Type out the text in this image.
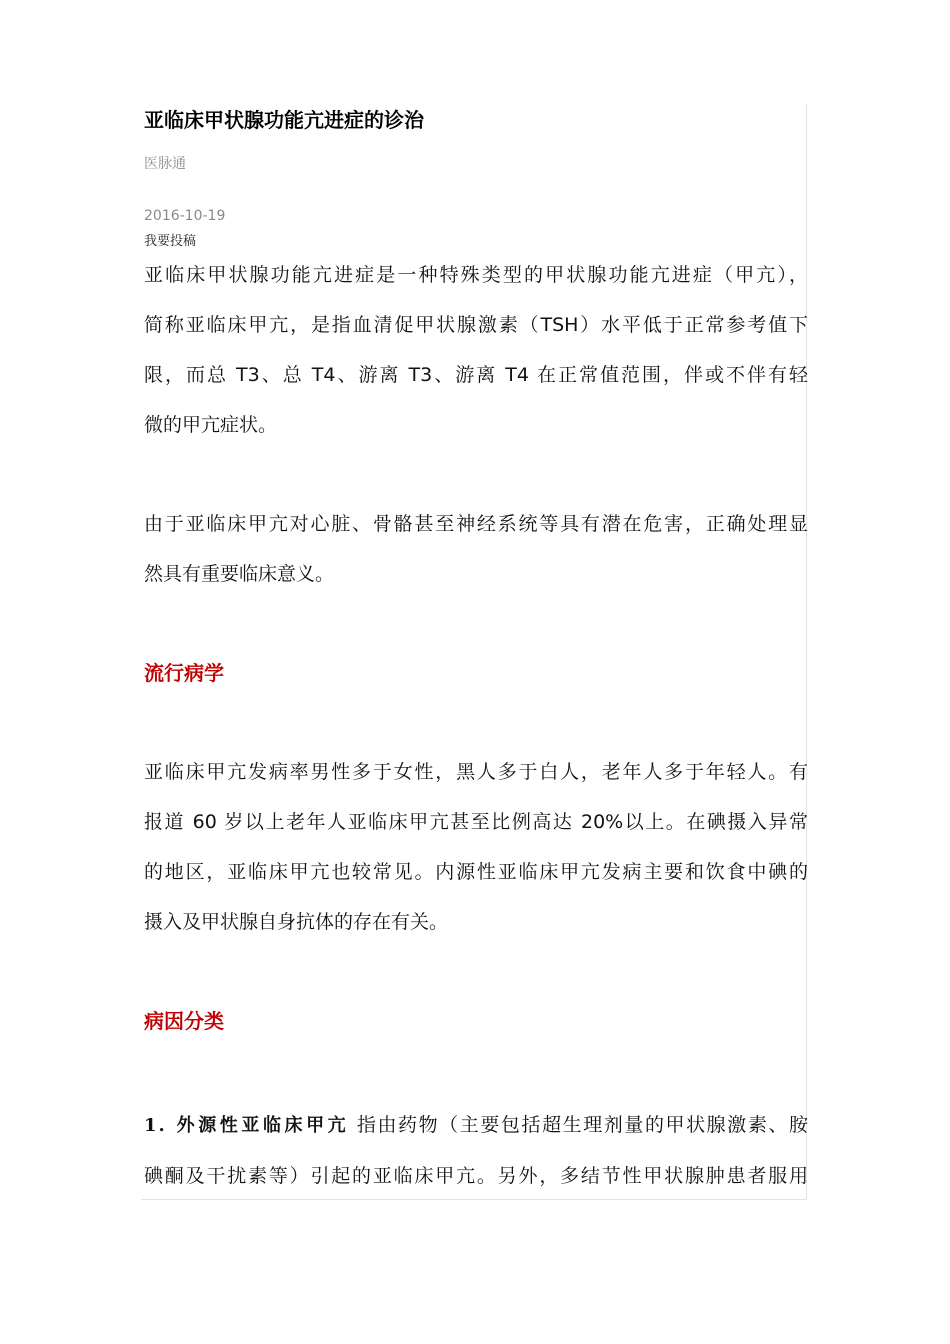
亚临床甲状腺功能亢进症的诊治
医脉通
2016-10-19
我要投稿
亚临床甲状腺功能亢进症是一种特殊类型的甲状腺功能亢进症（甲亢），
简称亚临床甲亢，是指血清促甲状腺激素（TSH）水平低于正常参考值下
限，而总 T3、总 T4、游离 T3、游离 T4 在正常值范围，伴或不伴有轻
微的甲亢症状。
由于亚临床甲亢对心脏、骨骼甚至神经系统等具有潜在危害，正确处理显
然具有重要临床意义。
流行病学
亚临床甲亢发病率男性多于女性，黑人多于白人，老年人多于年轻人。有
报道 60 岁以上老年人亚临床甲亢甚至比例高达 20%以上。在碘摄入异常
的地区，亚临床甲亢也较常见。内源性亚临床甲亢发病主要和饮食中碘的
摄入及甲状腺自身抗体的存在有关。
病因分类
1. 外源性亚临床甲亢 指由药物（主要包括超生理剂量的甲状腺激素、胺
碘酮及干扰素等）引起的亚临床甲亢。另外，多结节性甲状腺肿患者服用
